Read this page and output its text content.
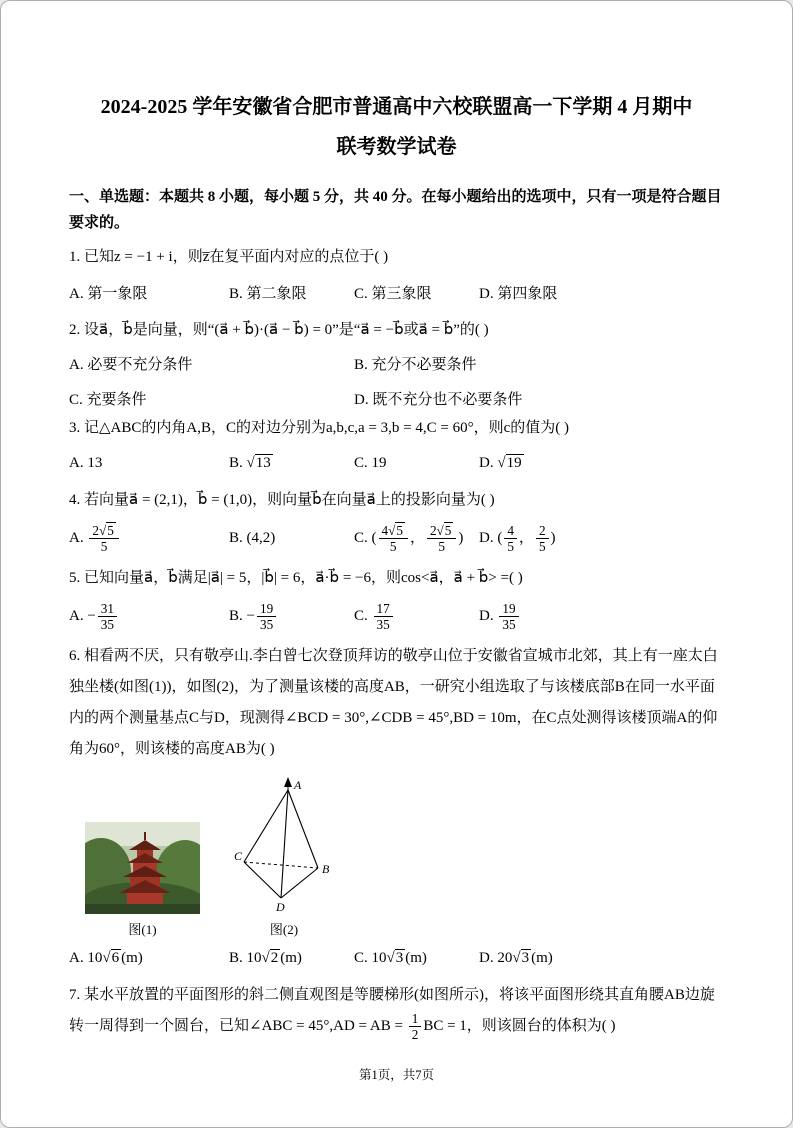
2024-2025 学年安徽省合肥市普通高中六校联盟高一下学期 4 月期中
联考数学试卷

一、单选题：本题共 8 小题，每小题 5 分，共 40 分。在每小题给出的选项中，只有一项是符合题目要求的。

1. 已知z = −1 + i，则z̅在复平面内对应的点位于( )

A. 第一象限	B. 第二象限	C. 第三象限	D. 第四象限

2. 设a⃗，b⃗是向量，则“(a⃗ + b⃗)·(a⃗ − b⃗) = 0”是“a⃗ = −b⃗或a⃗ = b⃗”的( )

A. 必要不充分条件	B. 充分不必要条件
C. 充要条件	D. 既不充分也不必要条件

3. 记△ABC的内角A,B，C的对边分别为a,b,c,a = 3,b = 4,C = 60°，则c的值为( )

A. 13	B. √13	C. 19	D. √19

4. 若向量a⃗ = (2,1)，b⃗ = (1,0)，则向量b⃗在向量a⃗上的投影向量为( )

A. $\frac{2√5}{5}$	B. (4,2)	C. ( $\frac{4√5}{5}$ ， $\frac{2√5}{5}$ )	D. ( $\frac{4}{5}$ ， $\frac{2}{5}$ )

5. 已知向量a⃗，b⃗满足|a⃗| = 5，|b⃗| = 6，a⃗·b⃗ = −6，则cos<a⃗，a⃗ + b⃗> =( )

A. − $\frac{31}{35}$	B. − $\frac{19}{35}$	C. $\frac{17}{35}$	D. $\frac{19}{35}$

6. 相看两不厌，只有敬亭山.李白曾七次登顶拜访的敬亭山位于安徽省宣城市北郊，其上有一座太白独坐楼(如图(1))，如图(2)，为了测量该楼的高度AB，一研究小组选取了与该楼底部B在同一水平面内的两个测量基点C与D，现测得∠BCD = 30°,∠CDB = 45°,BD = 10m，在C点处测得该楼顶端A的仰角为60°，则该楼的高度AB为( )

图(1)
A
C
B
D
图(2)
A. 10√6 (m)	B. 10√2 (m)	C. 10√3 (m)	D. 20√3 (m)

7. 某水平放置的平面图形的斜二侧直观图是等腰梯形(如图所示)，将该平面图形绕其直角腰AB边旋转一周得到一个圆台，已知∠ABC = 45°,AD = AB = $\frac{1}{2}$ BC = 1，则该圆台的体积为( )

第1页，共7页
